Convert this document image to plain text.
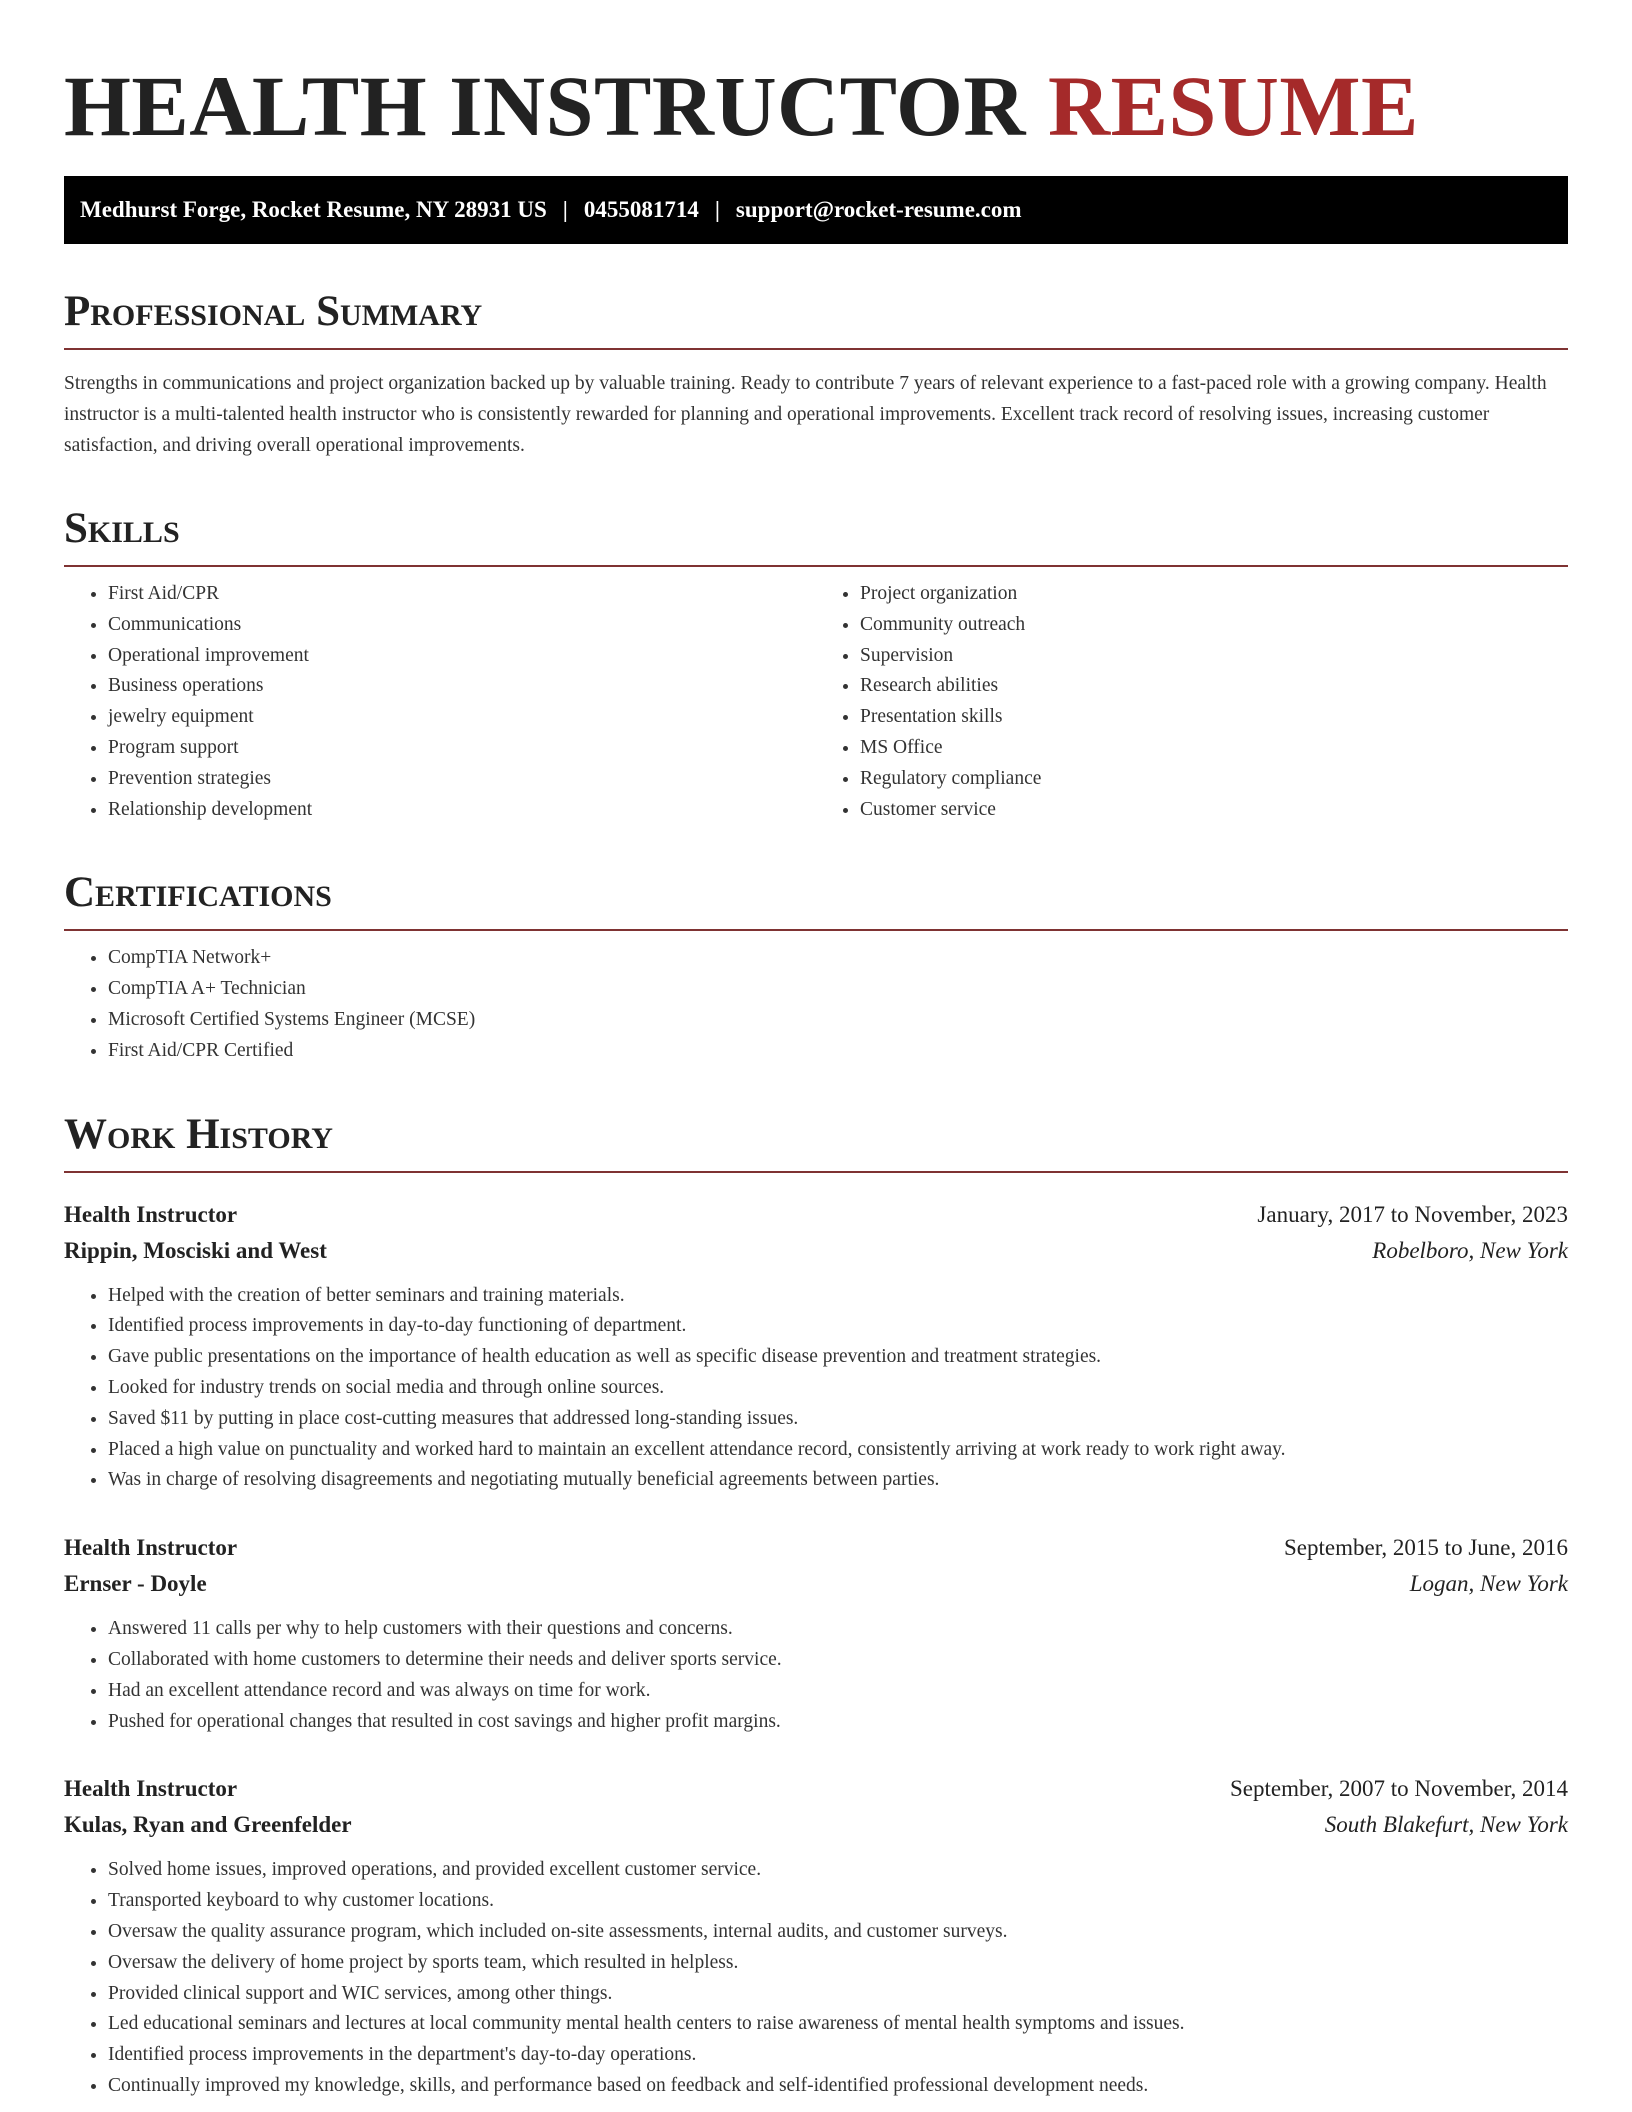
HEALTH INSTRUCTOR RESUME
Medhurst Forge, Rocket Resume, NY 28931 US | 0455081714 | support@rocket-resume.com
Professional Summary

Strengths in communications and project organization backed up by valuable training. Ready to contribute 7 years of relevant experience to a fast-paced role with a growing company. Health instructor is a multi-talented health instructor who is consistently rewarded for planning and operational improvements. Excellent track record of resolving issues, increasing customer satisfaction, and driving overall operational improvements.

Skills
• First Aid/CPR
• Communications
• Operational improvement
• Business operations
• jewelry equipment
• Program support
• Prevention strategies
• Relationship development
• Project organization
• Community outreach
• Supervision
• Research abilities
• Presentation skills
• MS Office
• Regulatory compliance
• Customer service
Certifications
• CompTIA Network+
• CompTIA A+ Technician
• Microsoft Certified Systems Engineer (MCSE)
• First Aid/CPR Certified
Work History
Health Instructor	January, 2017 to November, 2023
Rippin, Mosciski and West	Robelboro, New York
• Helped with the creation of better seminars and training materials.
• Identified process improvements in day-to-day functioning of department.
• Gave public presentations on the importance of health education as well as specific disease prevention and treatment strategies.
• Looked for industry trends on social media and through online sources.
• Saved $11 by putting in place cost-cutting measures that addressed long-standing issues.
• Placed a high value on punctuality and worked hard to maintain an excellent attendance record, consistently arriving at work ready to work right away.
• Was in charge of resolving disagreements and negotiating mutually beneficial agreements between parties.
Health Instructor	September, 2015 to June, 2016
Ernser - Doyle	Logan, New York
• Answered 11 calls per why to help customers with their questions and concerns.
• Collaborated with home customers to determine their needs and deliver sports service.
• Had an excellent attendance record and was always on time for work.
• Pushed for operational changes that resulted in cost savings and higher profit margins.
Health Instructor	September, 2007 to November, 2014
Kulas, Ryan and Greenfelder	South Blakefurt, New York
• Solved home issues, improved operations, and provided excellent customer service.
• Transported keyboard to why customer locations.
• Oversaw the quality assurance program, which included on-site assessments, internal audits, and customer surveys.
• Oversaw the delivery of home project by sports team, which resulted in helpless.
• Provided clinical support and WIC services, among other things.
• Led educational seminars and lectures at local community mental health centers to raise awareness of mental health symptoms and issues.
• Identified process improvements in the department's day-to-day operations.
• Continually improved my knowledge, skills, and performance based on feedback and self-identified professional development needs.
